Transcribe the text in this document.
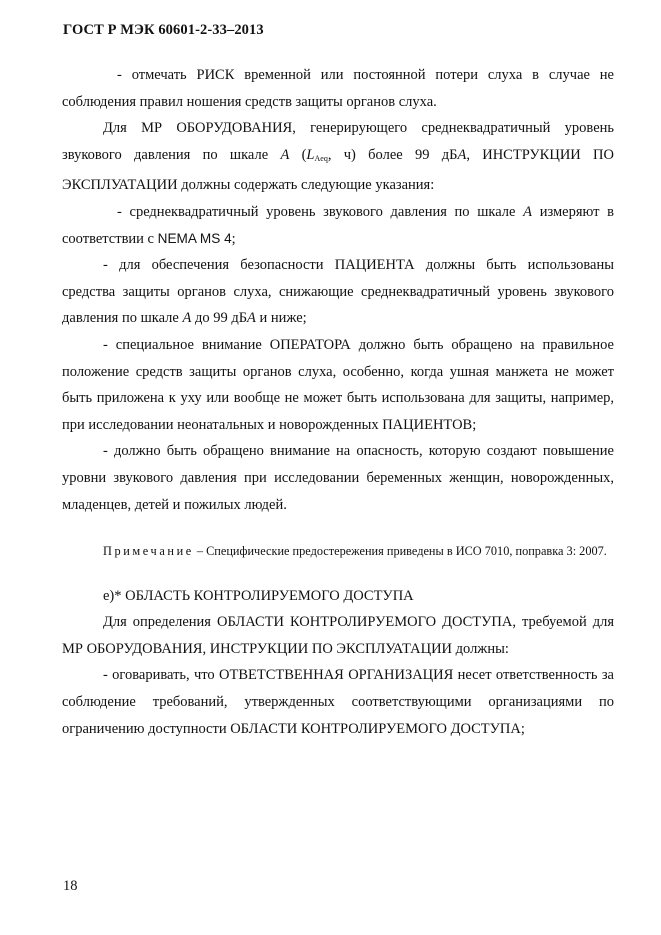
ГОСТ Р МЭК 60601-2-33–2013

- отмечать РИСК временной или постоянной потери слуха в случае не соблюдения правил ношения средств защиты органов слуха.

Для МР ОБОРУДОВАНИЯ, генерирующего среднеквадратичный уровень звукового давления по шкале A ($L_{Aeq}$, ч) более 99 дБA, ИНСТРУКЦИИ ПО ЭКСПЛУАТАЦИИ должны содержать следующие указания:

- среднеквадратичный уровень звукового давления по шкале A измеряют в соответствии с NEMA MS 4;

- для обеспечения безопасности ПАЦИЕНТА должны быть использованы средства защиты органов слуха, снижающие среднеквадратичный уровень звукового давления по шкале A до 99 дБA и ниже;

- специальное внимание ОПЕРАТОРА должно быть обращено на правильное положение средств защиты органов слуха, особенно, когда ушная манжета не может быть приложена к уху или вообще не может быть использована для защиты, например, при исследовании неонатальных и новорожденных ПАЦИЕНТОВ;

- должно быть обращено внимание на опасность, которую создают повышение уровни звукового давления при исследовании беременных женщин, новорожденных, младенцев, детей и пожилых людей.

Примечание – Специфические предостережения приведены в ИСО 7010, поправка 3: 2007.

e)* ОБЛАСТЬ КОНТРОЛИРУЕМОГО ДОСТУПА

Для определения ОБЛАСТИ КОНТРОЛИРУЕМОГО ДОСТУПА, требуемой для МР ОБОРУДОВАНИЯ, ИНСТРУКЦИИ ПО ЭКСПЛУАТАЦИИ должны:

- оговаривать, что ОТВЕТСТВЕННАЯ ОРГАНИЗАЦИЯ несет ответственность за соблюдение требований, утвержденных соответствующими организациями по ограничению доступности ОБЛАСТИ КОНТРОЛИРУЕМОГО ДОСТУПА;

18
